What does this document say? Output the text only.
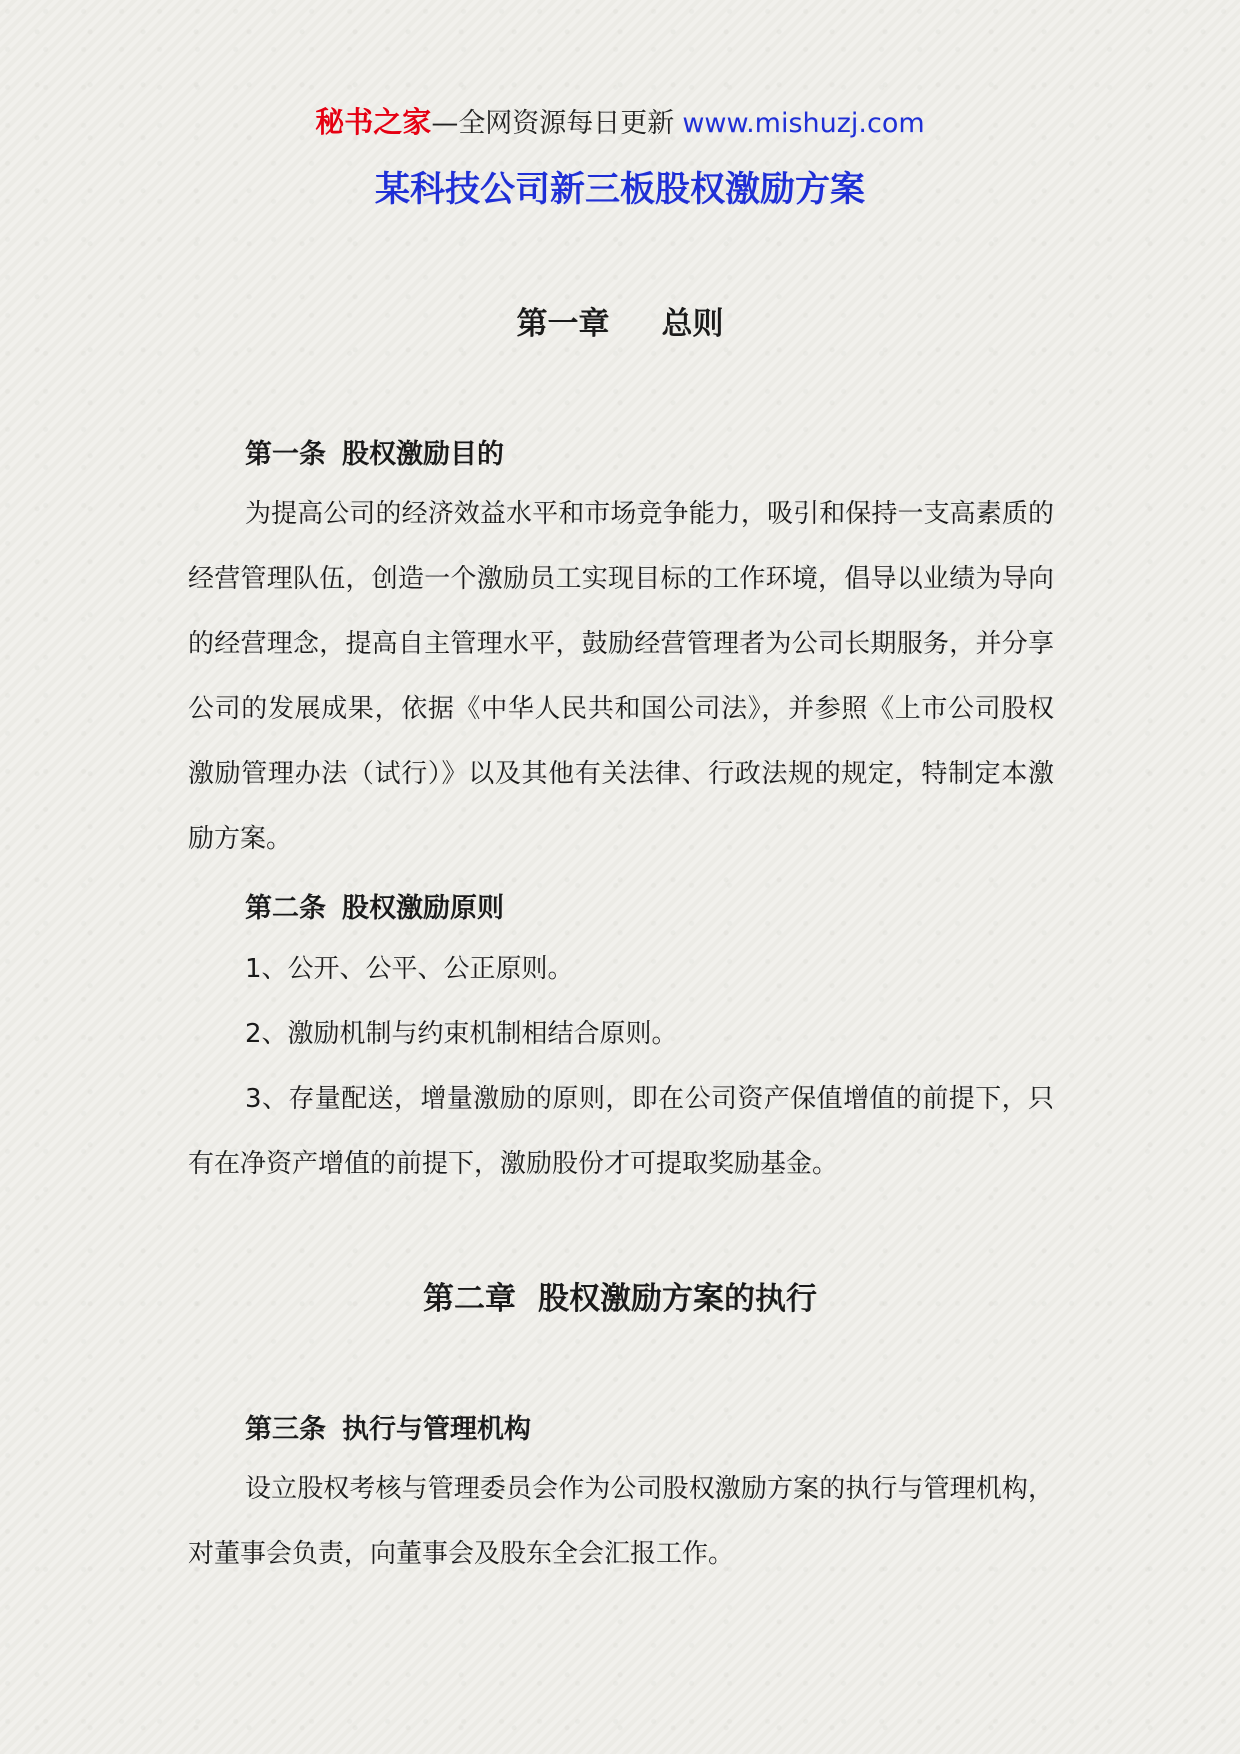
秘书之家—全网资源每日更新 www.mishuzj.com
某科技公司新三板股权激励方案
第一章 总则
第一条 股权激励目的

为提高公司的经济效益水平和市场竞争能力，吸引和保持一支高素质的经营管理队伍，创造一个激励员工实现目标的工作环境，倡导以业绩为导向的经营理念，提高自主管理水平，鼓励经营管理者为公司长期服务，并分享公司的发展成果，依据《中华人民共和国公司法》，并参照《上市公司股权激励管理办法（试行）》以及其他有关法律、行政法规的规定，特制定本激励方案。

第二条 股权激励原则
1、公开、公平、公正原则。
2、激励机制与约束机制相结合原则。

3、存量配送，增量激励的原则，即在公司资产保值增值的前提下，只有在净资产增值的前提下，激励股份才可提取奖励基金。

第二章 股权激励方案的执行
第三条 执行与管理机构

设立股权考核与管理委员会作为公司股权激励方案的执行与管理机构，对董事会负责，向董事会及股东全会汇报工作。
